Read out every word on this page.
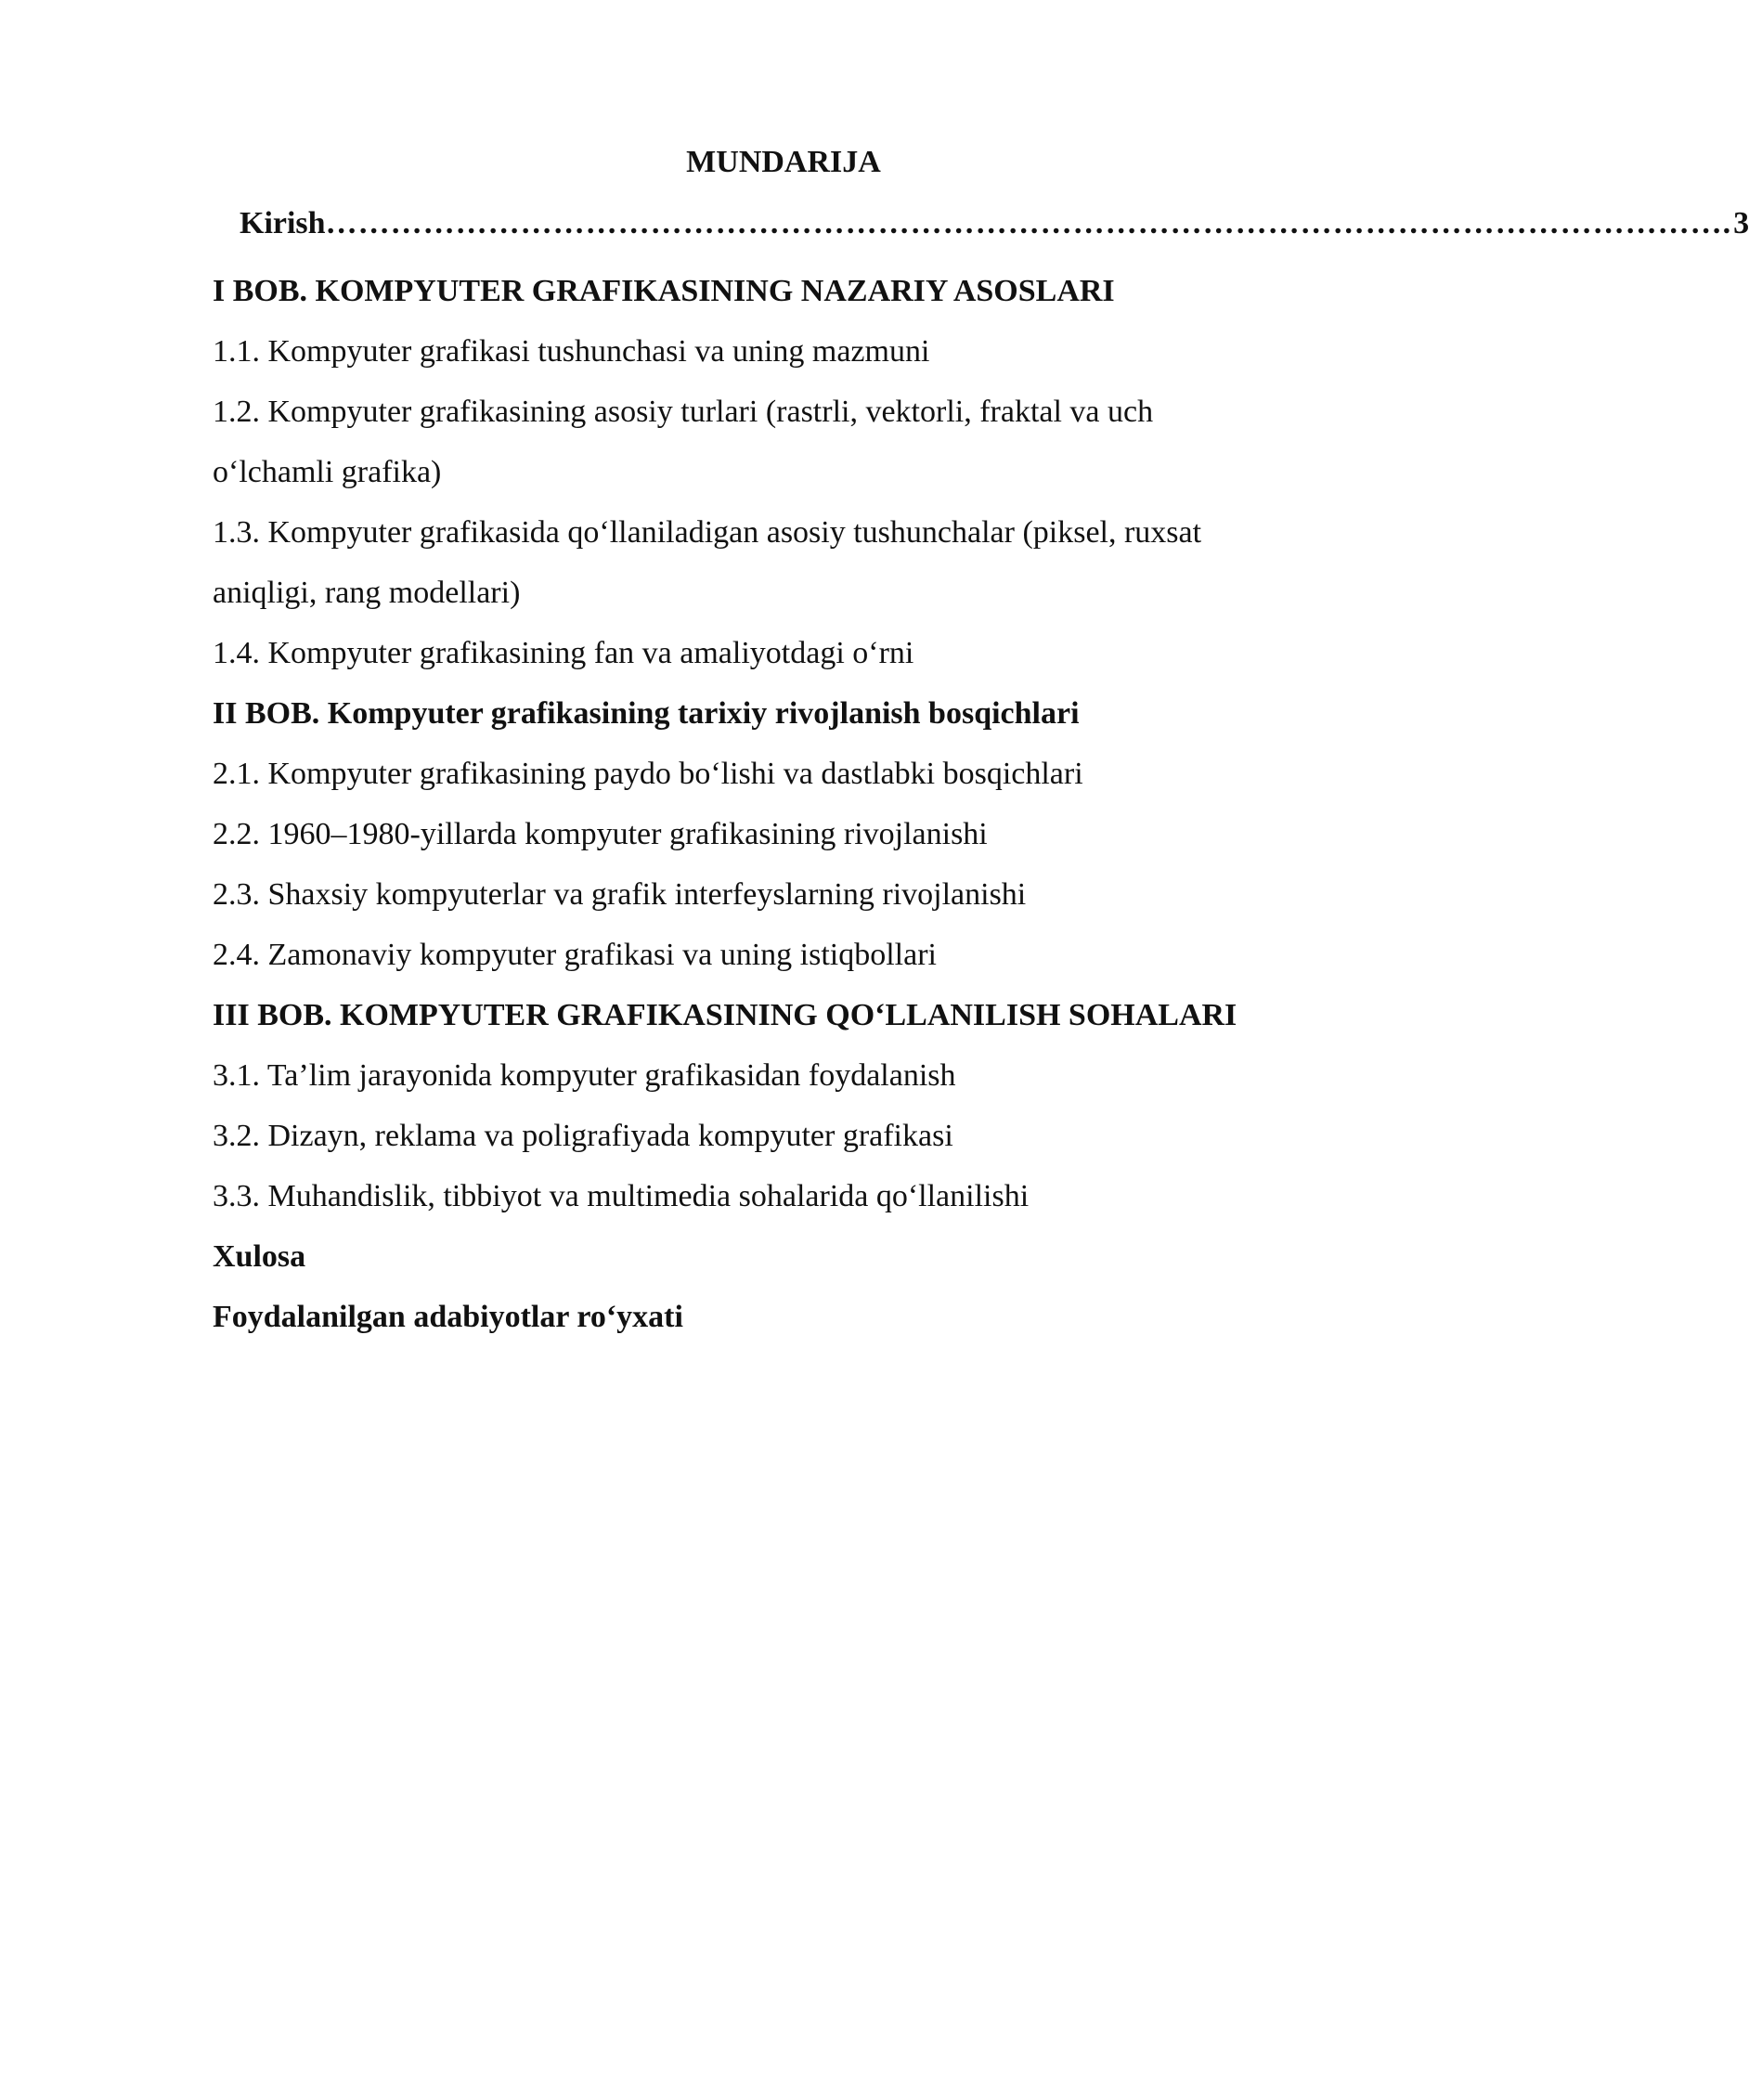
MUNDARIJA
Kirish …………………………………………………………………………………………………………………. 3
I BOB. KOMPYUTER GRAFIKASINING NAZARIY ASOSLARI
1.1. Kompyuter grafikasi tushunchasi va uning mazmuni
1.2. Kompyuter grafikasining asosiy turlari (rastrli, vektorli, fraktal va uch
o‘lchamli grafika)
1.3. Kompyuter grafikasida qo‘llaniladigan asosiy tushunchalar (piksel, ruxsat
aniqligi, rang modellari)
1.4. Kompyuter grafikasining fan va amaliyotdagi o‘rni
II BOB. Kompyuter grafikasining tarixiy rivojlanish bosqichlari
2.1. Kompyuter grafikasining paydo bo‘lishi va dastlabki bosqichlari
2.2. 1960–1980-yillarda kompyuter grafikasining rivojlanishi
2.3. Shaxsiy kompyuterlar va grafik interfeyslarning rivojlanishi
2.4. Zamonaviy kompyuter grafikasi va uning istiqbollari
III BOB. KOMPYUTER GRAFIKASINING QO‘LLANILISH SOHALARI
3.1. Ta’lim jarayonida kompyuter grafikasidan foydalanish
3.2. Dizayn, reklama va poligrafiyada kompyuter grafikasi
3.3. Muhandislik, tibbiyot va multimedia sohalarida qo‘llanilishi
Xulosa
Foydalanilgan adabiyotlar ro‘yxati
